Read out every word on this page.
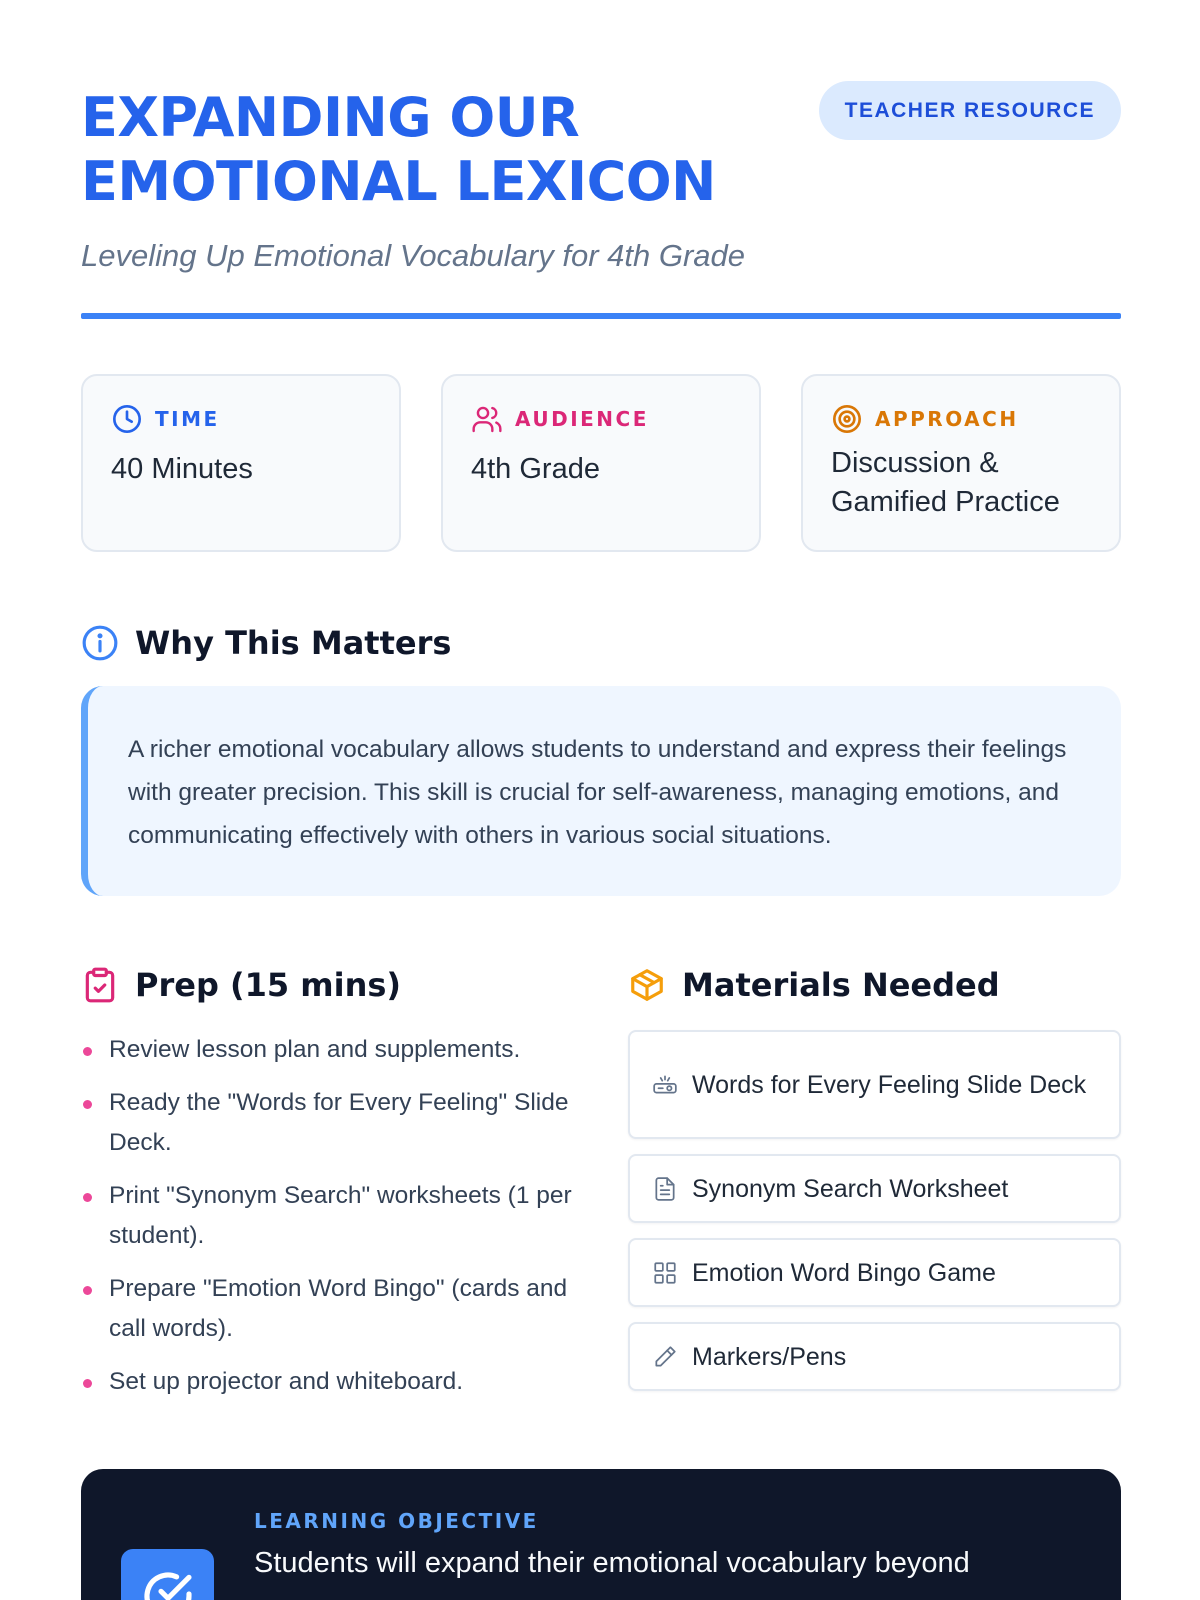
EXPANDING OUR EMOTIONAL LEXICON
TEACHER RESOURCE

Leveling Up Emotional Vocabulary for 4th Grade

TIME
40 Minutes
AUDIENCE
4th Grade
APPROACH
Discussion & Gamified Practice
Why This Matters

A richer emotional vocabulary allows students to understand and express their feelings with greater precision. This skill is crucial for self-awareness, managing emotions, and communicating effectively with others in various social situations.

Prep (15 mins)
Review lesson plan and supplements.
Ready the "Words for Every Feeling" Slide Deck.
Print "Synonym Search" worksheets (1 per student).
Prepare "Emotion Word Bingo" (cards and call words).
Set up projector and whiteboard.
Materials Needed
Words for Every Feeling Slide Deck
Synonym Search Worksheet
Emotion Word Bingo Game
Markers/Pens
LEARNING OBJECTIVE
Students will expand their emotional vocabulary beyond
